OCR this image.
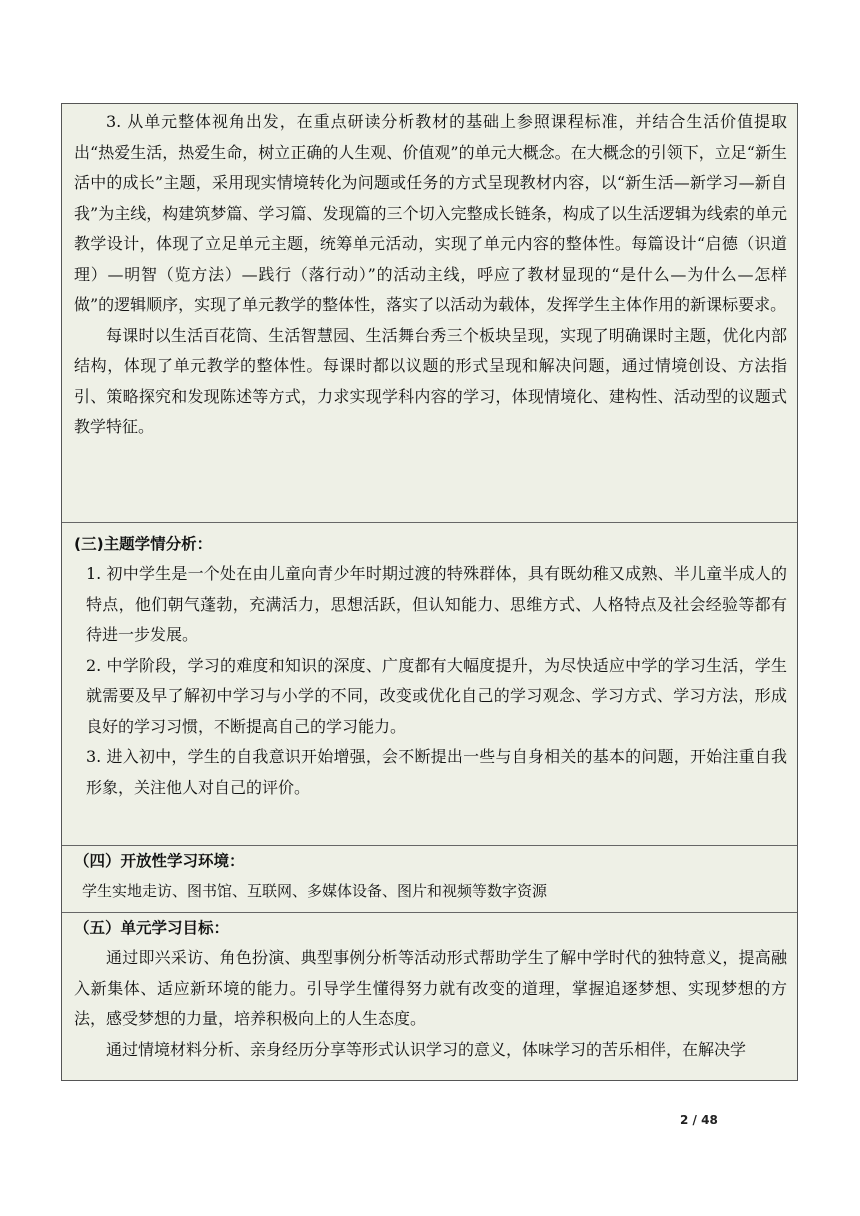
3. 从单元整体视角出发，在重点研读分析教材的基础上参照课程标准，并结合生活价值提取出“热爱生活，热爱生命，树立正确的人生观、价值观”的单元大概念。在大概念的引领下，立足“新生活中的成长”主题，采用现实情境转化为问题或任务的方式呈现教材内容，以“新生活—新学习—新自我”为主线，构建筑梦篇、学习篇、发现篇的三个切入完整成长链条，构成了以生活逻辑为线索的单元教学设计，体现了立足单元主题，统筹单元活动，实现了单元内容的整体性。每篇设计“启德（识道理）—明智（览方法）—践行（落行动）”的活动主线，呼应了教材显现的“是什么—为什么—怎样做”的逻辑顺序，实现了单元教学的整体性，落实了以活动为载体，发挥学生主体作用的新课标要求。

每课时以生活百花筒、生活智慧园、生活舞台秀三个板块呈现，实现了明确课时主题，优化内部结构，体现了单元教学的整体性。每课时都以议题的形式呈现和解决问题，通过情境创设、方法指引、策略探究和发现陈述等方式，力求实现学科内容的学习，体现情境化、建构性、活动型的议题式教学特征。

(三)主题学情分析：

1. 初中学生是一个处在由儿童向青少年时期过渡的特殊群体，具有既幼稚又成熟、半儿童半成人的特点，他们朝气蓬勃，充满活力，思想活跃，但认知能力、思维方式、人格特点及社会经验等都有待进一步发展。

2. 中学阶段，学习的难度和知识的深度、广度都有大幅度提升，为尽快适应中学的学习生活，学生就需要及早了解初中学习与小学的不同，改变或优化自己的学习观念、学习方式、学习方法，形成良好的学习习惯，不断提高自己的学习能力。

3. 进入初中，学生的自我意识开始增强，会不断提出一些与自身相关的基本的问题，开始注重自我形象，关注他人对自己的评价。

（四）开放性学习环境：

学生实地走访、图书馆、互联网、多媒体设备、图片和视频等数字资源

（五）单元学习目标：

通过即兴采访、角色扮演、典型事例分析等活动形式帮助学生了解中学时代的独特意义，提高融入新集体、适应新环境的能力。引导学生懂得努力就有改变的道理，掌握追逐梦想、实现梦想的方法，感受梦想的力量，培养积极向上的人生态度。

通过情境材料分析、亲身经历分享等形式认识学习的意义，体味学习的苦乐相伴，在解决学

2 / 48
